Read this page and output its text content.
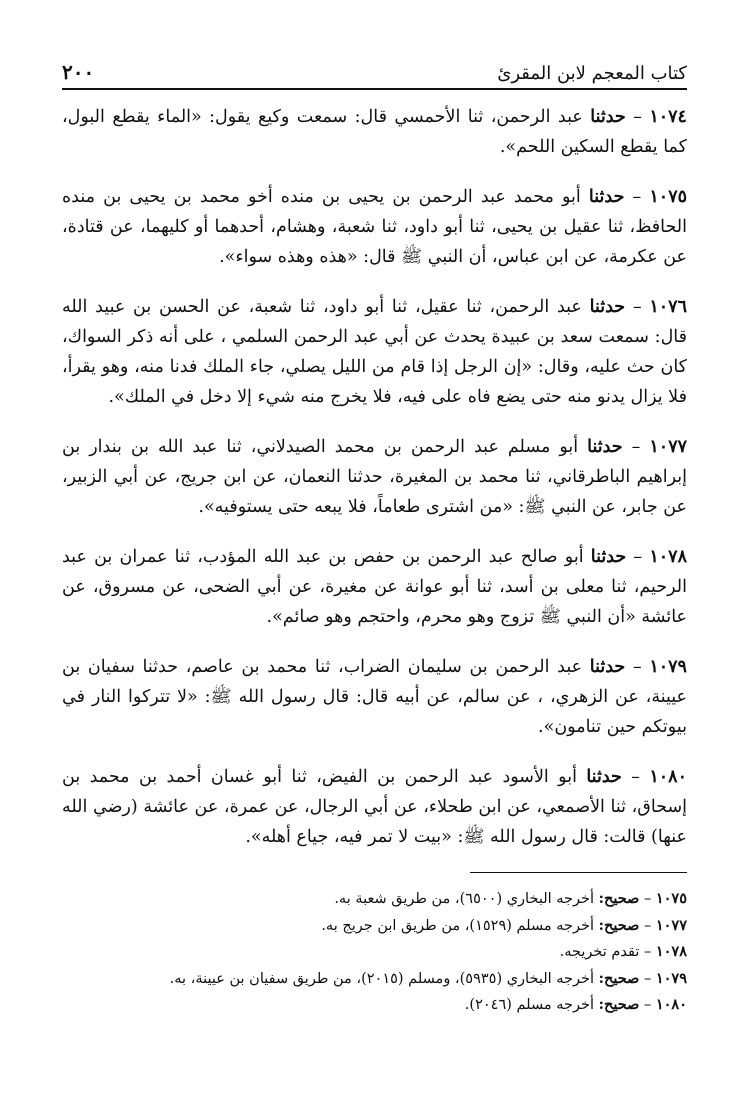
كتاب المعجم لابن المقرئ
٢٠٠

١٠٧٤ – حدثنا عبد الرحمن، ثنا الأحمسي قال: سمعت وكيع يقول: «الماء يقطع البول، كما يقطع السكين اللحم».

١٠٧٥ – حدثنا أبو محمد عبد الرحمن بن يحيى بن منده أخو محمد بن يحيى بن منده الحافظ، ثنا عقيل بن يحيى، ثنا أبو داود، ثنا شعبة، وهشام، أحدهما أو كليهما، عن قتادة، عن عكرمة، عن ابن عباس، أن النبي ﷺ قال: «هذه وهذه سواء».

١٠٧٦ – حدثنا عبد الرحمن، ثنا عقيل، ثنا أبو داود، ثنا شعبة، عن الحسن بن عبيد الله قال: سمعت سعد بن عبيدة يحدث عن أبي عبد الرحمن السلمي ، على أنه ذكر السواك، كان حث عليه، وقال: «إن الرجل إذا قام من الليل يصلي، جاء الملك فدنا منه، وهو يقرأ، فلا يزال يدنو منه حتى يضع فاه على فيه، فلا يخرج منه شيء إلا دخل في الملك».

١٠٧٧ – حدثنا أبو مسلم عبد الرحمن بن محمد الصيدلاني، ثنا عبد الله بن بندار بن إبراهيم الباطرقاني، ثنا محمد بن المغيرة، حدثنا النعمان، عن ابن جريج، عن أبي الزبير، عن جابر، عن النبي ﷺ: «من اشترى طعاماً، فلا يبعه حتى يستوفيه».

١٠٧٨ – حدثنا أبو صالح عبد الرحمن بن حفص بن عبد الله المؤدب، ثنا عمران بن عبد الرحيم، ثنا معلى بن أسد، ثنا أبو عوانة عن مغيرة، عن أبي الضحى، عن مسروق، عن عائشة «أن النبي ﷺ تزوج وهو محرم، واحتجم وهو صائم».

١٠٧٩ – حدثنا عبد الرحمن بن سليمان الضراب، ثنا محمد بن عاصم، حدثنا سفيان بن عيينة، عن الزهري، ، عن سالم، عن أبيه قال: قال رسول الله ﷺ: «لا تتركوا النار في بيوتكم حين تنامون».

١٠٨٠ – حدثنا أبو الأسود عبد الرحمن بن الفيض، ثنا أبو غسان أحمد بن محمد بن إسحاق، ثنا الأصمعي، عن ابن طحلاء، عن أبي الرجال، عن عمرة، عن عائشة (رضي الله عنها) قالت: قال رسول الله ﷺ: «بيت لا تمر فيه، جياع أهله».

١٠٧٥ – صحيح: أخرجه البخاري (٦٥٠٠)، من طريق شعبة به.

١٠٧٧ – صحيح: أخرجه مسلم (١٥٢٩)، من طريق ابن جريج به.

١٠٧٨ – تقدم تخريجه.

١٠٧٩ – صحيح: أخرجه البخاري (٥٩٣٥)، ومسلم (٢٠١٥)، من طريق سفيان بن عيينة، به.

١٠٨٠ – صحيح: أخرجه مسلم (٢٠٤٦).
